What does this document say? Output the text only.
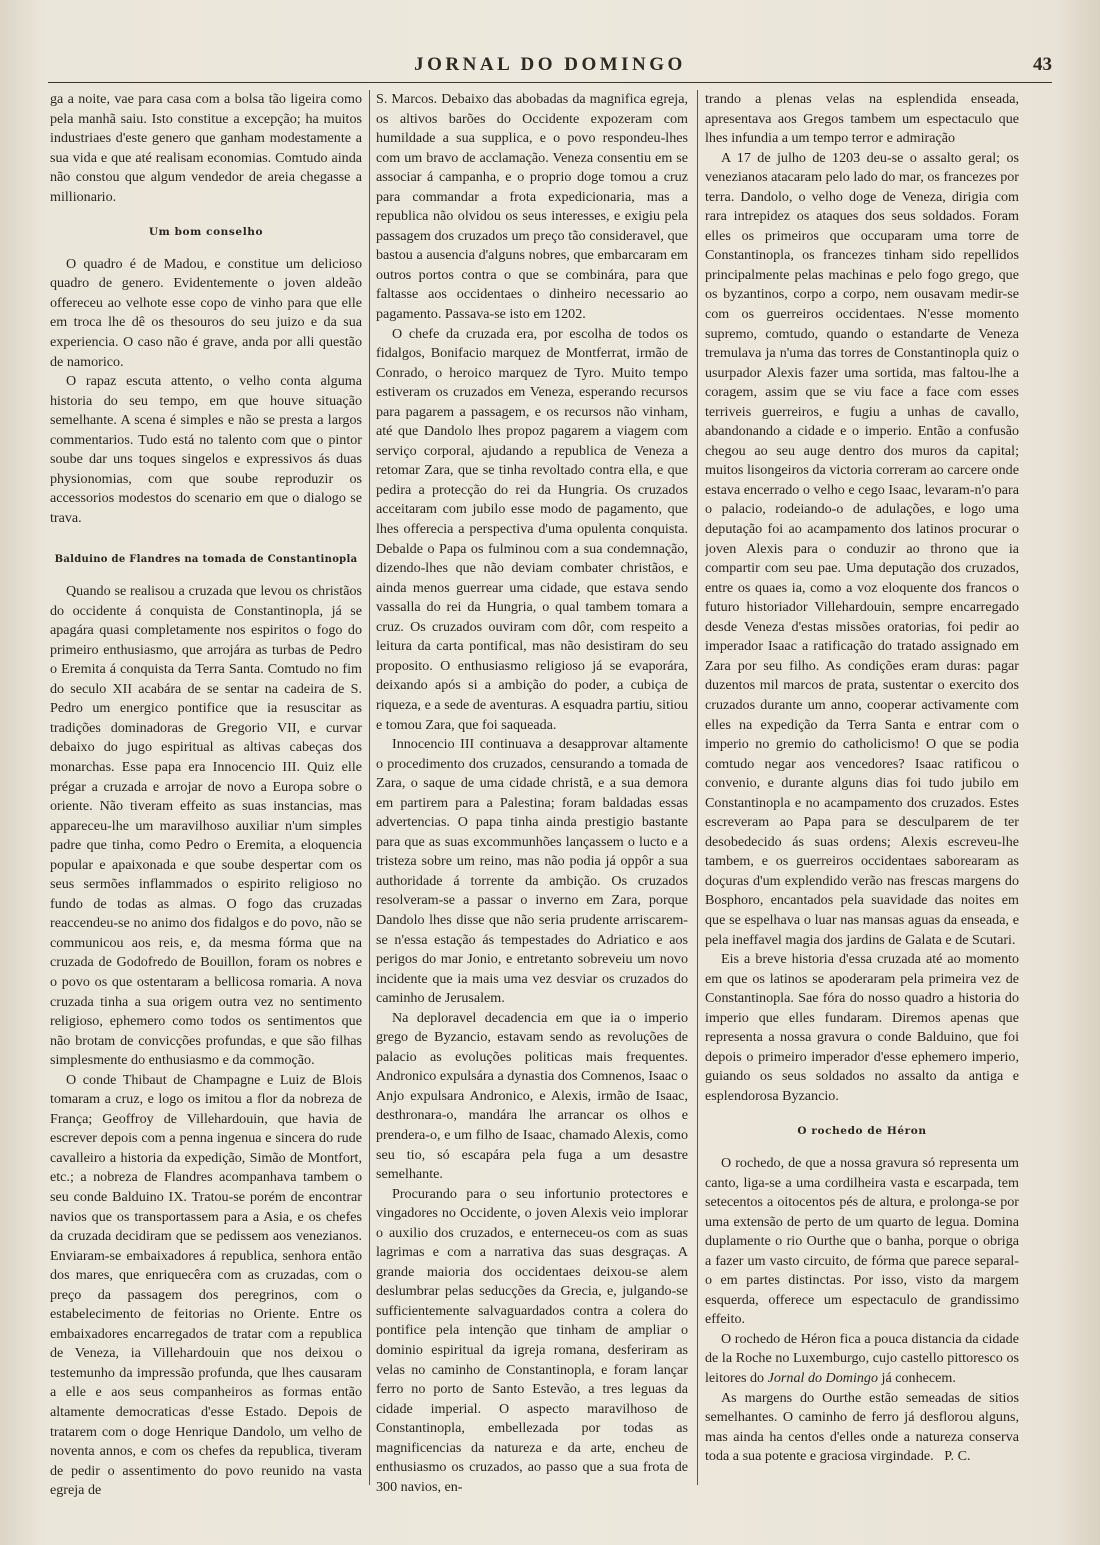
JORNAL DO DOMINGO	43

ga a noite, vae para casa com a bolsa tão ligeira como pela manhã saiu. Isto constitue a excepção; ha muitos industriaes d'este genero que ganham modestamente a sua vida e que até realisam economias. Comtudo ainda não constou que algum vendedor de areia chegasse a millionario.

Um bom conselho

O quadro é de Madou, e constitue um delicioso quadro de genero. Evidentemente o joven aldeão offereceu ao velhote esse copo de vinho para que elle em troca lhe dê os thesouros do seu juizo e da sua experiencia. O caso não é grave, anda por alli questão de namorico.

O rapaz escuta attento, o velho conta alguma historia do seu tempo, em que houve situação semelhante. A scena é simples e não se presta a largos commentarios. Tudo está no talento com que o pintor soube dar uns toques singelos e expressivos ás duas physionomias, com que soube reproduzir os accessorios modestos do scenario em que o dialogo se trava.

Balduino de Flandres na tomada de Constantinopla

Quando se realisou a cruzada que levou os christãos do occidente á conquista de Constantinopla, já se apagára quasi completamente nos espiritos o fogo do primeiro enthusiasmo, que arrojára as turbas de Pedro o Eremita á conquista da Terra Santa. Comtudo no fim do seculo XII acabára de se sentar na cadeira de S. Pedro um energico pontifice que ia resuscitar as tradições dominadoras de Gregorio VII, e curvar debaixo do jugo espiritual as altivas cabeças dos monarchas. Esse papa era Innocencio III. Quiz elle prégar a cruzada e arrojar de novo a Europa sobre o oriente. Não tiveram effeito as suas instancias, mas appareceu-lhe um maravilhoso auxiliar n'um simples padre que tinha, como Pedro o Eremita, a eloquencia popular e apaixonada e que soube despertar com os seus sermões inflammados o espirito religioso no fundo de todas as almas. O fogo das cruzadas reaccendeu-se no animo dos fidalgos e do povo, não se communicou aos reis, e, da mesma fórma que na cruzada de Godofredo de Bouillon, foram os nobres e o povo os que ostentaram a bellicosa romaria. A nova cruzada tinha a sua origem outra vez no sentimento religioso, ephemero como todos os sentimentos que não brotam de convicções profundas, e que são filhas simplesmente do enthusiasmo e da commoção.

O conde Thibaut de Champagne e Luiz de Blois tomaram a cruz, e logo os imitou a flor da nobreza de França; Geoffroy de Villehardouin, que havia de escrever depois com a penna ingenua e sincera do rude cavalleiro a historia da expedição, Simão de Montfort, etc.; a nobreza de Flandres acompanhava tambem o seu conde Balduino IX. Tratou-se porém de encontrar navios que os transportassem para a Asia, e os chefes da cruzada decidiram que se pedissem aos venezianos. Enviaram-se embaixadores á republica, senhora então dos mares, que enriquecêra com as cruzadas, com o preço da passagem dos peregrinos, com o estabelecimento de feitorias no Oriente. Entre os embaixadores encarregados de tratar com a republica de Veneza, ia Villehardouin que nos deixou o testemunho da impressão profunda, que lhes causaram a elle e aos seus companheiros as formas então altamente democraticas d'esse Estado. Depois de tratarem com o doge Henrique Dandolo, um velho de noventa annos, e com os chefes da republica, tiveram de pedir o assentimento do povo reunido na vasta egreja de

S. Marcos. Debaixo das abobadas da magnifica egreja, os altivos barões do Occidente expozeram com humildade a sua supplica, e o povo respondeu-lhes com um bravo de acclamação. Veneza consentiu em se associar á campanha, e o proprio doge tomou a cruz para commandar a frota expedicionaria, mas a republica não olvidou os seus interesses, e exigiu pela passagem dos cruzados um preço tão consideravel, que bastou a ausencia d'alguns nobres, que embarcaram em outros portos contra o que se combinára, para que faltasse aos occidentaes o dinheiro necessario ao pagamento. Passava-se isto em 1202.

O chefe da cruzada era, por escolha de todos os fidalgos, Bonifacio marquez de Montferrat, irmão de Conrado, o heroico marquez de Tyro. Muito tempo estiveram os cruzados em Veneza, esperando recursos para pagarem a passagem, e os recursos não vinham, até que Dandolo lhes propoz pagarem a viagem com serviço corporal, ajudando a republica de Veneza a retomar Zara, que se tinha revoltado contra ella, e que pedira a protecção do rei da Hungria. Os cruzados acceitaram com jubilo esse modo de pagamento, que lhes offerecia a perspectiva d'uma opulenta conquista. Debalde o Papa os fulminou com a sua condemnação, dizendo-lhes que não deviam combater christãos, e ainda menos guerrear uma cidade, que estava sendo vassalla do rei da Hungria, o qual tambem tomara a cruz. Os cruzados ouviram com dôr, com respeito a leitura da carta pontifical, mas não desistiram do seu proposito. O enthusiasmo religioso já se evaporára, deixando após si a ambição do poder, a cubiça de riqueza, e a sede de aventuras. A esquadra partiu, sitiou e tomou Zara, que foi saqueada.

Innocencio III continuava a desapprovar altamente o procedimento dos cruzados, censurando a tomada de Zara, o saque de uma cidade christã, e a sua demora em partirem para a Palestina; foram baldadas essas advertencias. O papa tinha ainda prestigio bastante para que as suas excommunhões lançassem o lucto e a tristeza sobre um reino, mas não podia já oppôr a sua authoridade á torrente da ambição. Os cruzados resolveram-se a passar o inverno em Zara, porque Dandolo lhes disse que não seria prudente arriscarem-se n'essa estação ás tempestades do Adriatico e aos perigos do mar Jonio, e entretanto sobreveiu um novo incidente que ia mais uma vez desviar os cruzados do caminho de Jerusalem.

Na deploravel decadencia em que ia o imperio grego de Byzancio, estavam sendo as revoluções de palacio as evoluções politicas mais frequentes. Andronico expulsára a dynastia dos Comnenos, Isaac o Anjo expulsara Andronico, e Alexis, irmão de Isaac, desthronara-o, mandára lhe arrancar os olhos e prendera-o, e um filho de Isaac, chamado Alexis, como seu tio, só escapára pela fuga a um desastre semelhante.

Procurando para o seu infortunio protectores e vingadores no Occidente, o joven Alexis veio implorar o auxilio dos cruzados, e enterneceu-os com as suas lagrimas e com a narrativa das suas desgraças. A grande maioria dos occidentaes deixou-se alem deslumbrar pelas seducções da Grecia, e, julgando-se sufficientemente salvaguardados contra a colera do pontifice pela intenção que tinham de ampliar o dominio espiritual da igreja romana, desferiram as velas no caminho de Constantinopla, e foram lançar ferro no porto de Santo Estevão, a tres leguas da cidade imperial. O aspecto maravilhoso de Constantinopla, embellezada por todas as magnificencias da natureza e da arte, encheu de enthusiasmo os cruzados, ao passo que a sua frota de 300 navios, en-

trando a plenas velas na esplendida enseada, apresentava aos Gregos tambem um espectaculo que lhes infundia a um tempo terror e admiração

A 17 de julho de 1203 deu-se o assalto geral; os venezianos atacaram pelo lado do mar, os francezes por terra. Dandolo, o velho doge de Veneza, dirigia com rara intrepidez os ataques dos seus soldados. Foram elles os primeiros que occuparam uma torre de Constantinopla, os francezes tinham sido repellidos principalmente pelas machinas e pelo fogo grego, que os byzantinos, corpo a corpo, nem ousavam medir-se com os guerreiros occidentaes. N'esse momento supremo, comtudo, quando o estandarte de Veneza tremulava ja n'uma das torres de Constantinopla quiz o usurpador Alexis fazer uma sortida, mas faltou-lhe a coragem, assim que se viu face a face com esses terriveis guerreiros, e fugiu a unhas de cavallo, abandonando a cidade e o imperio. Então a confusão chegou ao seu auge dentro dos muros da capital; muitos lisongeiros da victoria correram ao carcere onde estava encerrado o velho e cego Isaac, levaram-n'o para o palacio, rodeiando-o de adulações, e logo uma deputação foi ao acampamento dos latinos procurar o joven Alexis para o conduzir ao throno que ia compartir com seu pae. Uma deputação dos cruzados, entre os quaes ia, como a voz eloquente dos francos o futuro historiador Villehardouin, sempre encarregado desde Veneza d'estas missões oratorias, foi pedir ao imperador Isaac a ratificação do tratado assignado em Zara por seu filho. As condições eram duras: pagar duzentos mil marcos de prata, sustentar o exercito dos cruzados durante um anno, cooperar activamente com elles na expedição da Terra Santa e entrar com o imperio no gremio do catholicismo! O que se podia comtudo negar aos vencedores? Isaac ratificou o convenio, e durante alguns dias foi tudo jubilo em Constantinopla e no acampamento dos cruzados. Estes escreveram ao Papa para se desculparem de ter desobedecido ás suas ordens; Alexis escreveu-lhe tambem, e os guerreiros occidentaes saborearam as doçuras d'um explendido verão nas frescas margens do Bosphoro, encantados pela suavidade das noites em que se espelhava o luar nas mansas aguas da enseada, e pela ineffavel magia dos jardins de Galata e de Scutari.

Eis a breve historia d'essa cruzada até ao momento em que os latinos se apoderaram pela primeira vez de Constantinopla. Sae fóra do nosso quadro a historia do imperio que elles fundaram. Diremos apenas que representa a nossa gravura o conde Balduino, que foi depois o primeiro imperador d'esse ephemero imperio, guiando os seus soldados no assalto da antiga e esplendorosa Byzancio.

O rochedo de Héron

O rochedo, de que a nossa gravura só representa um canto, liga-se a uma cordilheira vasta e escarpada, tem setecentos a oitocentos pés de altura, e prolonga-se por uma extensão de perto de um quarto de legua. Domina duplamente o rio Ourthe que o banha, porque o obriga a fazer um vasto circuito, de fórma que parece separal-o em partes distinctas. Por isso, visto da margem esquerda, offerece um espectaculo de grandissimo effeito.

O rochedo de Héron fica a pouca distancia da cidade de la Roche no Luxemburgo, cujo castello pittoresco os leitores do Jornal do Domingo já conhecem.

As margens do Ourthe estão semeadas de sitios semelhantes. O caminho de ferro já desflorou alguns, mas ainda ha centos d'elles onde a natureza conserva toda a sua potente e graciosa virgindade. P. C.
